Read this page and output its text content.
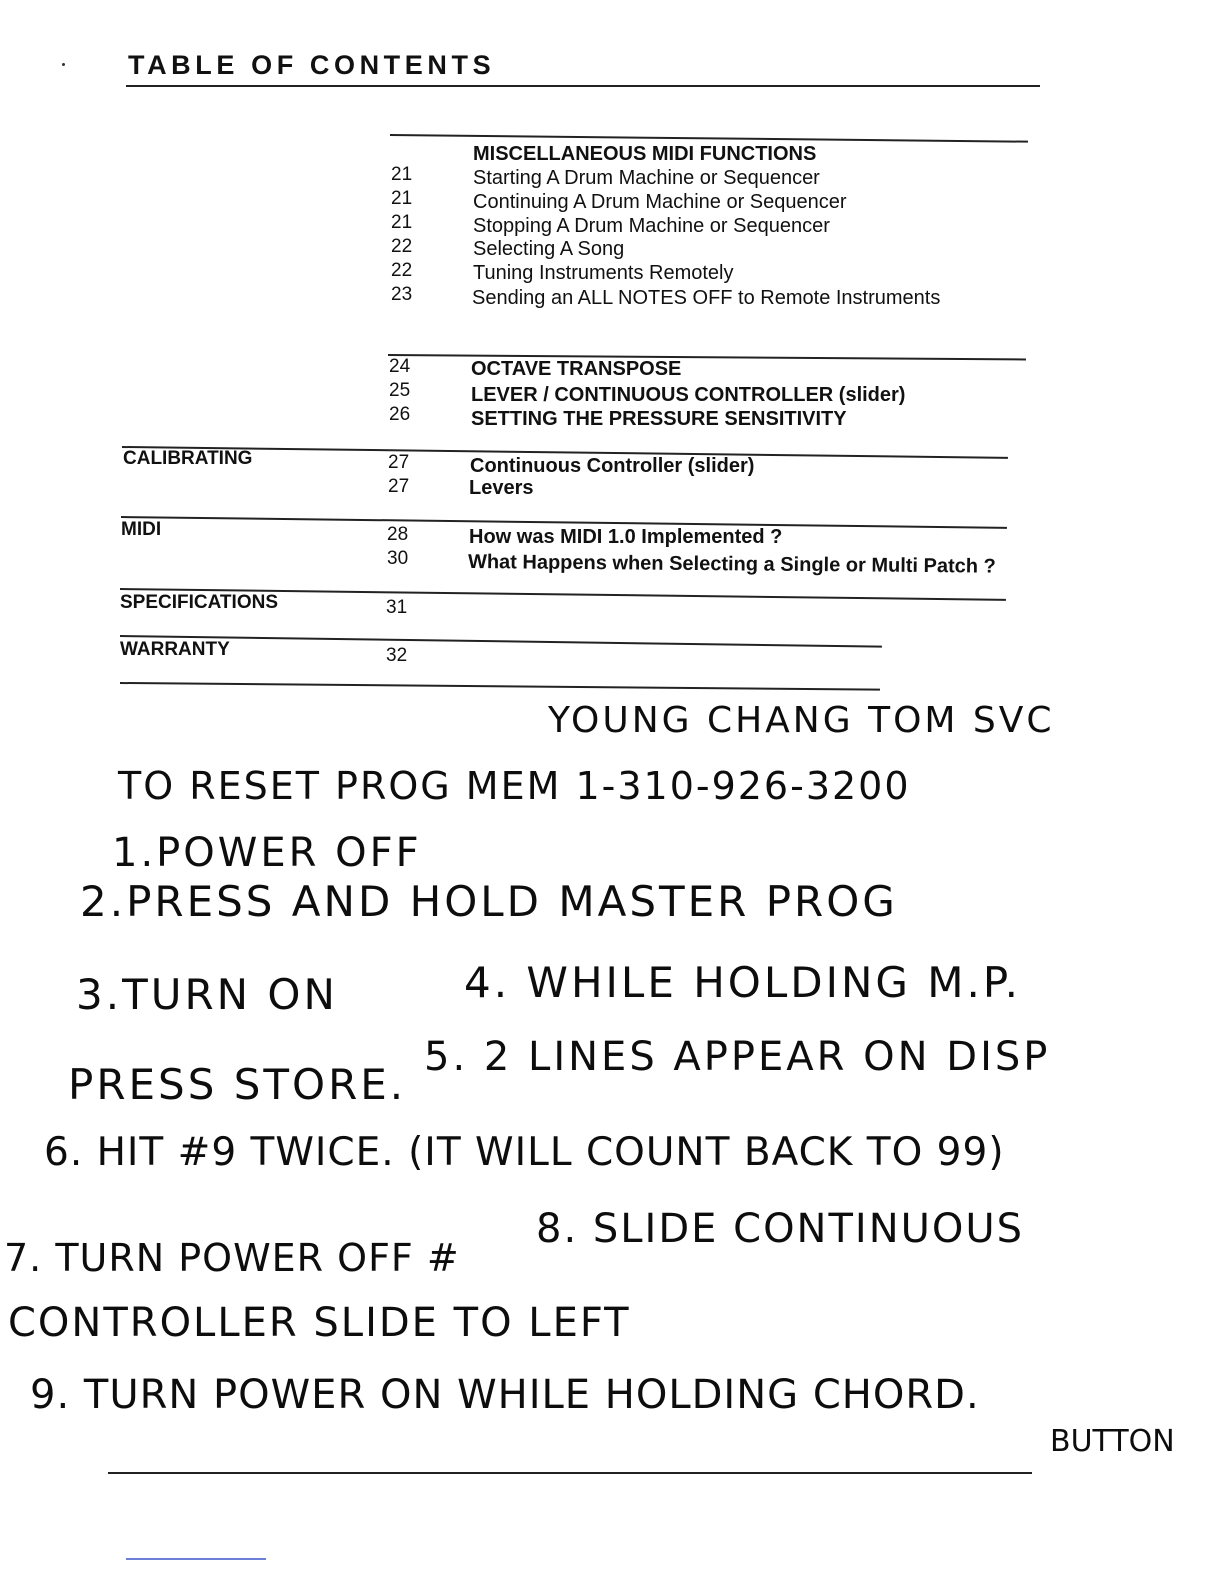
TABLE OF CONTENTS
MISCELLANEOUS MIDI FUNCTIONS
21	Starting A Drum Machine or Sequencer
21	Continuing A Drum Machine or Sequencer
21	Stopping A Drum Machine or Sequencer
22	Selecting A Song
22	Tuning Instruments Remotely
23	Sending an ALL NOTES OFF to Remote Instruments
24	OCTAVE TRANSPOSE
25	LEVER / CONTINUOUS CONTROLLER (slider)
26	SETTING THE PRESSURE SENSITIVITY
CALIBRATING	27	Continuous Controller (slider)
27	Levers
MIDI	28	How was MIDI 1.0 Implemented ?
30	What Happens when Selecting a Single or Multi Patch ?
SPECIFICATIONS	31
WARRANTY	32
YOUNG CHANG TOM SVC
TO RESET PROG MEM 1-310-926-3200
1.POWER OFF
2.PRESS AND HOLD MASTER PROG
3.TURN ON	4. WHILE HOLDING M.P.
PRESS STORE.
5. 2 LINES APPEAR ON DISP
6. HIT #9 TWICE. (IT WILL COUNT BACK TO 99)
7. TURN POWER OFF #
8. SLIDE CONTINUOUS
CONTROLLER SLIDE TO LEFT
9. TURN POWER ON WHILE HOLDING CHORD.
BUTTON
